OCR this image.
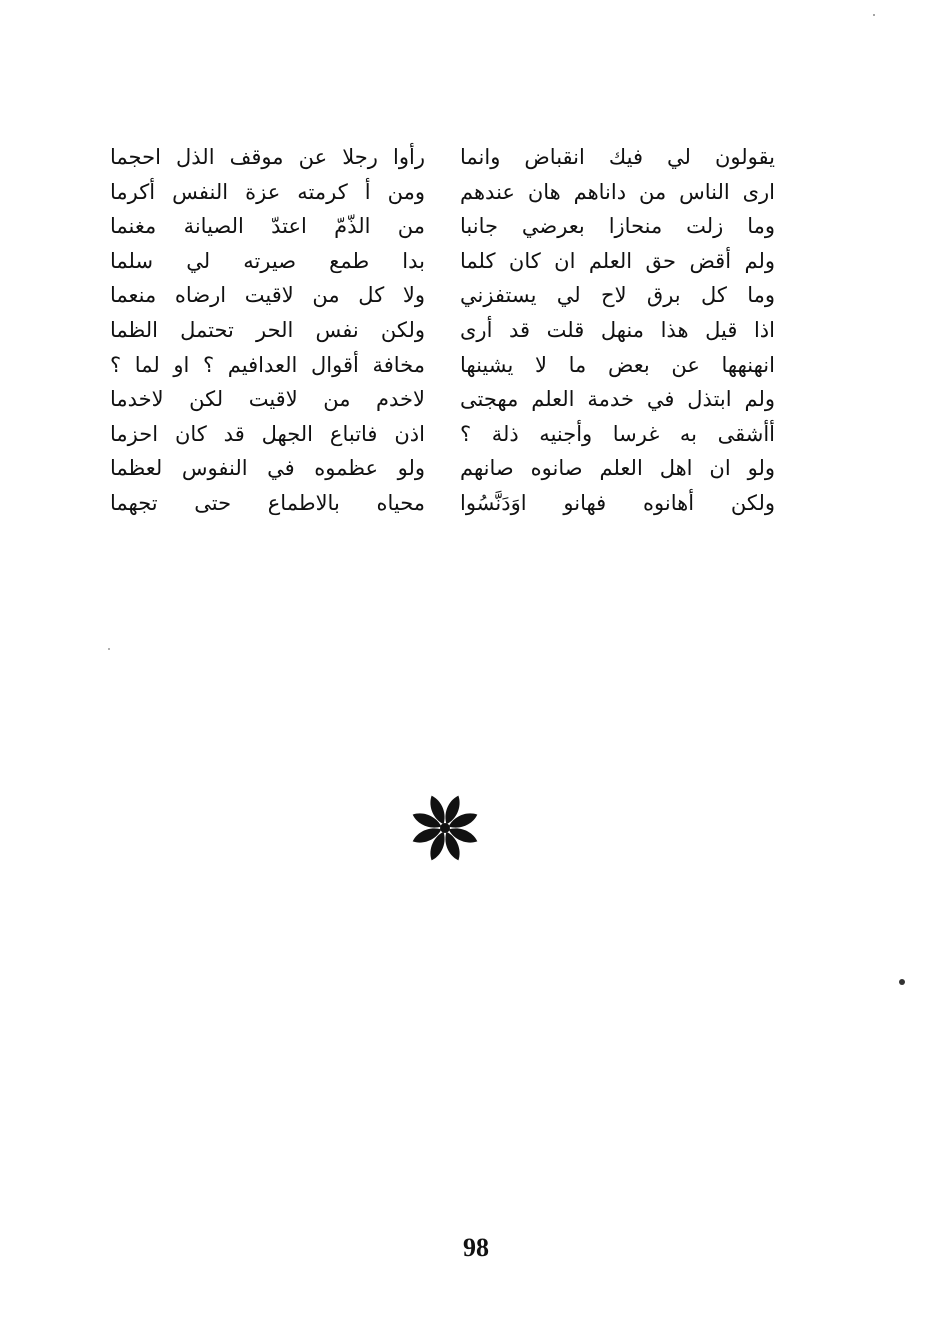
يقولون لي فيك انقباض وانما
ارى الناس من داناهم هان عندهم
وما زلت منحازا بعرضي جانبا
ولم أقض حق العلم ان كان كلما
وما كل برق لاح لي يستفزني
اذا قيل هذا منهل قلت قد أرى
انهنهها عن بعض ما لا يشينها
ولم ابتذل في خدمة العلم مهجتى
أأشقى به غرسا وأجنيه ذلة ؟
ولو ان اهل العلم صانوه صانهم
ولكن أهانوه فهانو اوَدَنَّسُوا
رأوا رجلا عن موقف الذل احجما
ومن أ كرمته عزة النفس أكرما
من الذّمّ اعتدّ الصيانة مغنما
بدا طمع صيرته لي سلما
ولا كل من لاقيت ارضاه منعما
ولكن نفس الحر تحتمل الظما
مخافة أقوال العدافيم ؟ او لما ؟
لاخدم من لاقيت لكن لاخدما
اذن فاتباع الجهل قد كان احزما
ولو عظموه في النفوس لعظما
محياه بالاطماع حتى تجهما
98
